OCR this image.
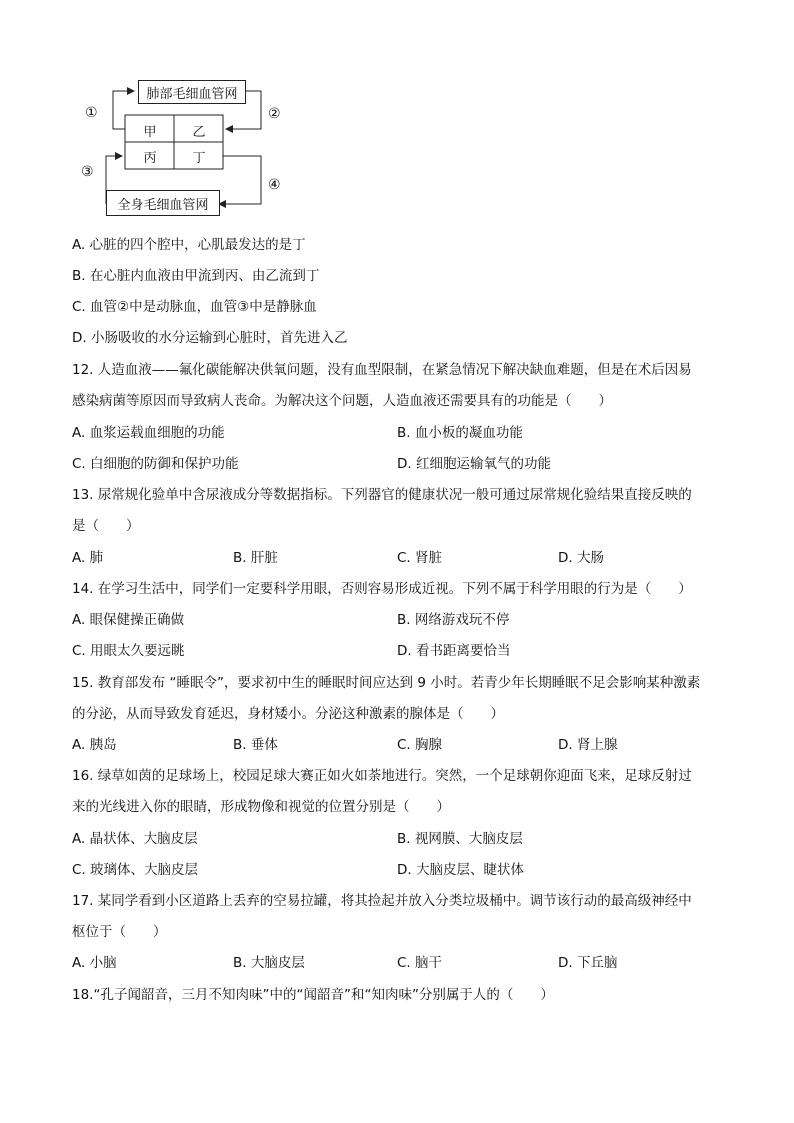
肺部毛细血管网
全身毛细血管网
甲	乙
丙	丁
①	②
③
④
A. 心脏的四个腔中，心肌最发达的是丁
B. 在心脏内血液由甲流到丙、由乙流到丁
C. 血管②中是动脉血，血管③中是静脉血
D. 小肠吸收的水分运输到心脏时，首先进入乙
12. 人造血液——氟化碳能解决供氧问题，没有血型限制，在紧急情况下解决缺血难题，但是在术后因易
感染病菌等原因而导致病人丧命。为解决这个问题，人造血液还需要具有的功能是（　　）
A. 血浆运载血细胞的功能	B. 血小板的凝血功能
C. 白细胞的防御和保护功能	D. 红细胞运输氧气的功能
13. 尿常规化验单中含尿液成分等数据指标。下列器官的健康状况一般可通过尿常规化验结果直接反映的
是（　　）
A. 肺	B. 肝脏	C. 肾脏	D. 大肠
14. 在学习生活中，同学们一定要科学用眼，否则容易形成近视。下列不属于科学用眼的行为是（　　）
A. 眼保健操正确做	B. 网络游戏玩不停
C. 用眼太久要远眺	D. 看书距离要恰当
15. 教育部发布 “睡眠令”，要求初中生的睡眠时间应达到 9 小时。若青少年长期睡眠不足会影响某种激素
的分泌，从而导致发育延迟，身材矮小。分泌这种激素的腺体是（　　）
A. 胰岛	B. 垂体	C. 胸腺	D. 肾上腺
16. 绿草如茵的足球场上，校园足球大赛正如火如荼地进行。突然，一个足球朝你迎面飞来，足球反射过
来的光线进入你的眼睛，形成物像和视觉的位置分别是（　　）
A. 晶状体、大脑皮层	B. 视网膜、大脑皮层
C. 玻璃体、大脑皮层	D. 大脑皮层、睫状体
17. 某同学看到小区道路上丢弃的空易拉罐，将其捡起并放入分类垃圾桶中。调节该行动的最高级神经中
枢位于（　　）
A. 小脑	B. 大脑皮层	C. 脑干	D. 下丘脑
18.“孔子闻韶音，三月不知肉味”中的“闻韶音”和“知肉味”分别属于人的（　　）
